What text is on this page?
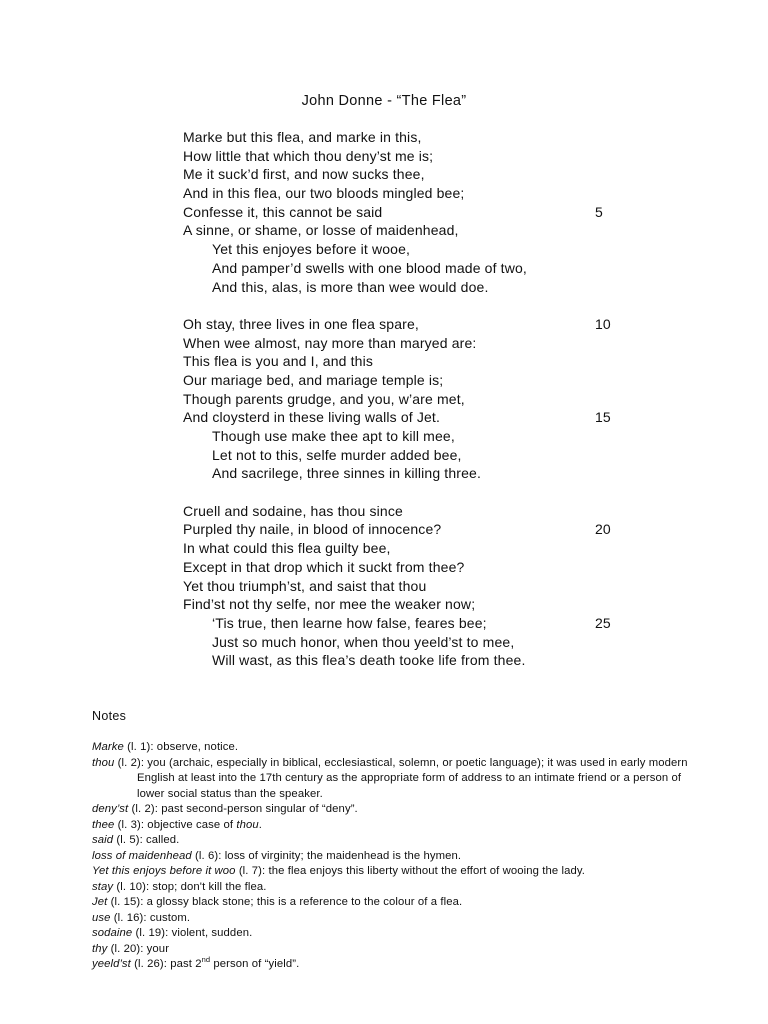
John Donne - “The Flea”
Marke but this flea, and marke in this,
How little that which thou deny’st me is;
Me it suck’d first, and now sucks thee,
And in this flea, our two bloods mingled bee;
Confesse it, this cannot be said	5
A sinne, or shame, or losse of maidenhead,
Yet this enjoyes before it wooe,
And pamper’d swells with one blood made of two,
And this, alas, is more than wee would doe.
Oh stay, three lives in one flea spare,	10
When wee almost, nay more than maryed are:
This flea is you and I, and this
Our mariage bed, and mariage temple is;
Though parents grudge, and you, w’are met,
And cloysterd in these living walls of Jet.	15
Though use make thee apt to kill mee,
Let not to this, selfe murder added bee,
And sacrilege, three sinnes in killing three.
Cruell and sodaine, has thou since
Purpled thy naile, in blood of innocence?	20
In what could this flea guilty bee,
Except in that drop which it suckt from thee?
Yet thou triumph’st, and saist that thou
Find’st not thy selfe, nor mee the weaker now;
‘Tis true, then learne how false, feares bee;	25
Just so much honor, when thou yeeld’st to mee,
Will wast, as this flea’s death tooke life from thee.
Notes
Marke (l. 1): observe, notice.
thou (l. 2): you (archaic, especially in biblical, ecclesiastical, solemn, or poetic language); it was used in early modern English at least into the 17th century as the appropriate form of address to an intimate friend or a person of lower social status than the speaker.
deny’st (l. 2): past second-person singular of “deny”.
thee (l. 3): objective case of thou.
said (l. 5): called.
loss of maidenhead (l. 6): loss of virginity; the maidenhead is the hymen.
Yet this enjoys before it woo (l. 7): the flea enjoys this liberty without the effort of wooing the lady.
stay (l. 10): stop; don't kill the flea.
Jet (l. 15): a glossy black stone; this is a reference to the colour of a flea.
use (l. 16): custom.
sodaine (l. 19): violent, sudden.
thy (l. 20): your
yeeld’st (l. 26): past 2nd person of “yield”.
